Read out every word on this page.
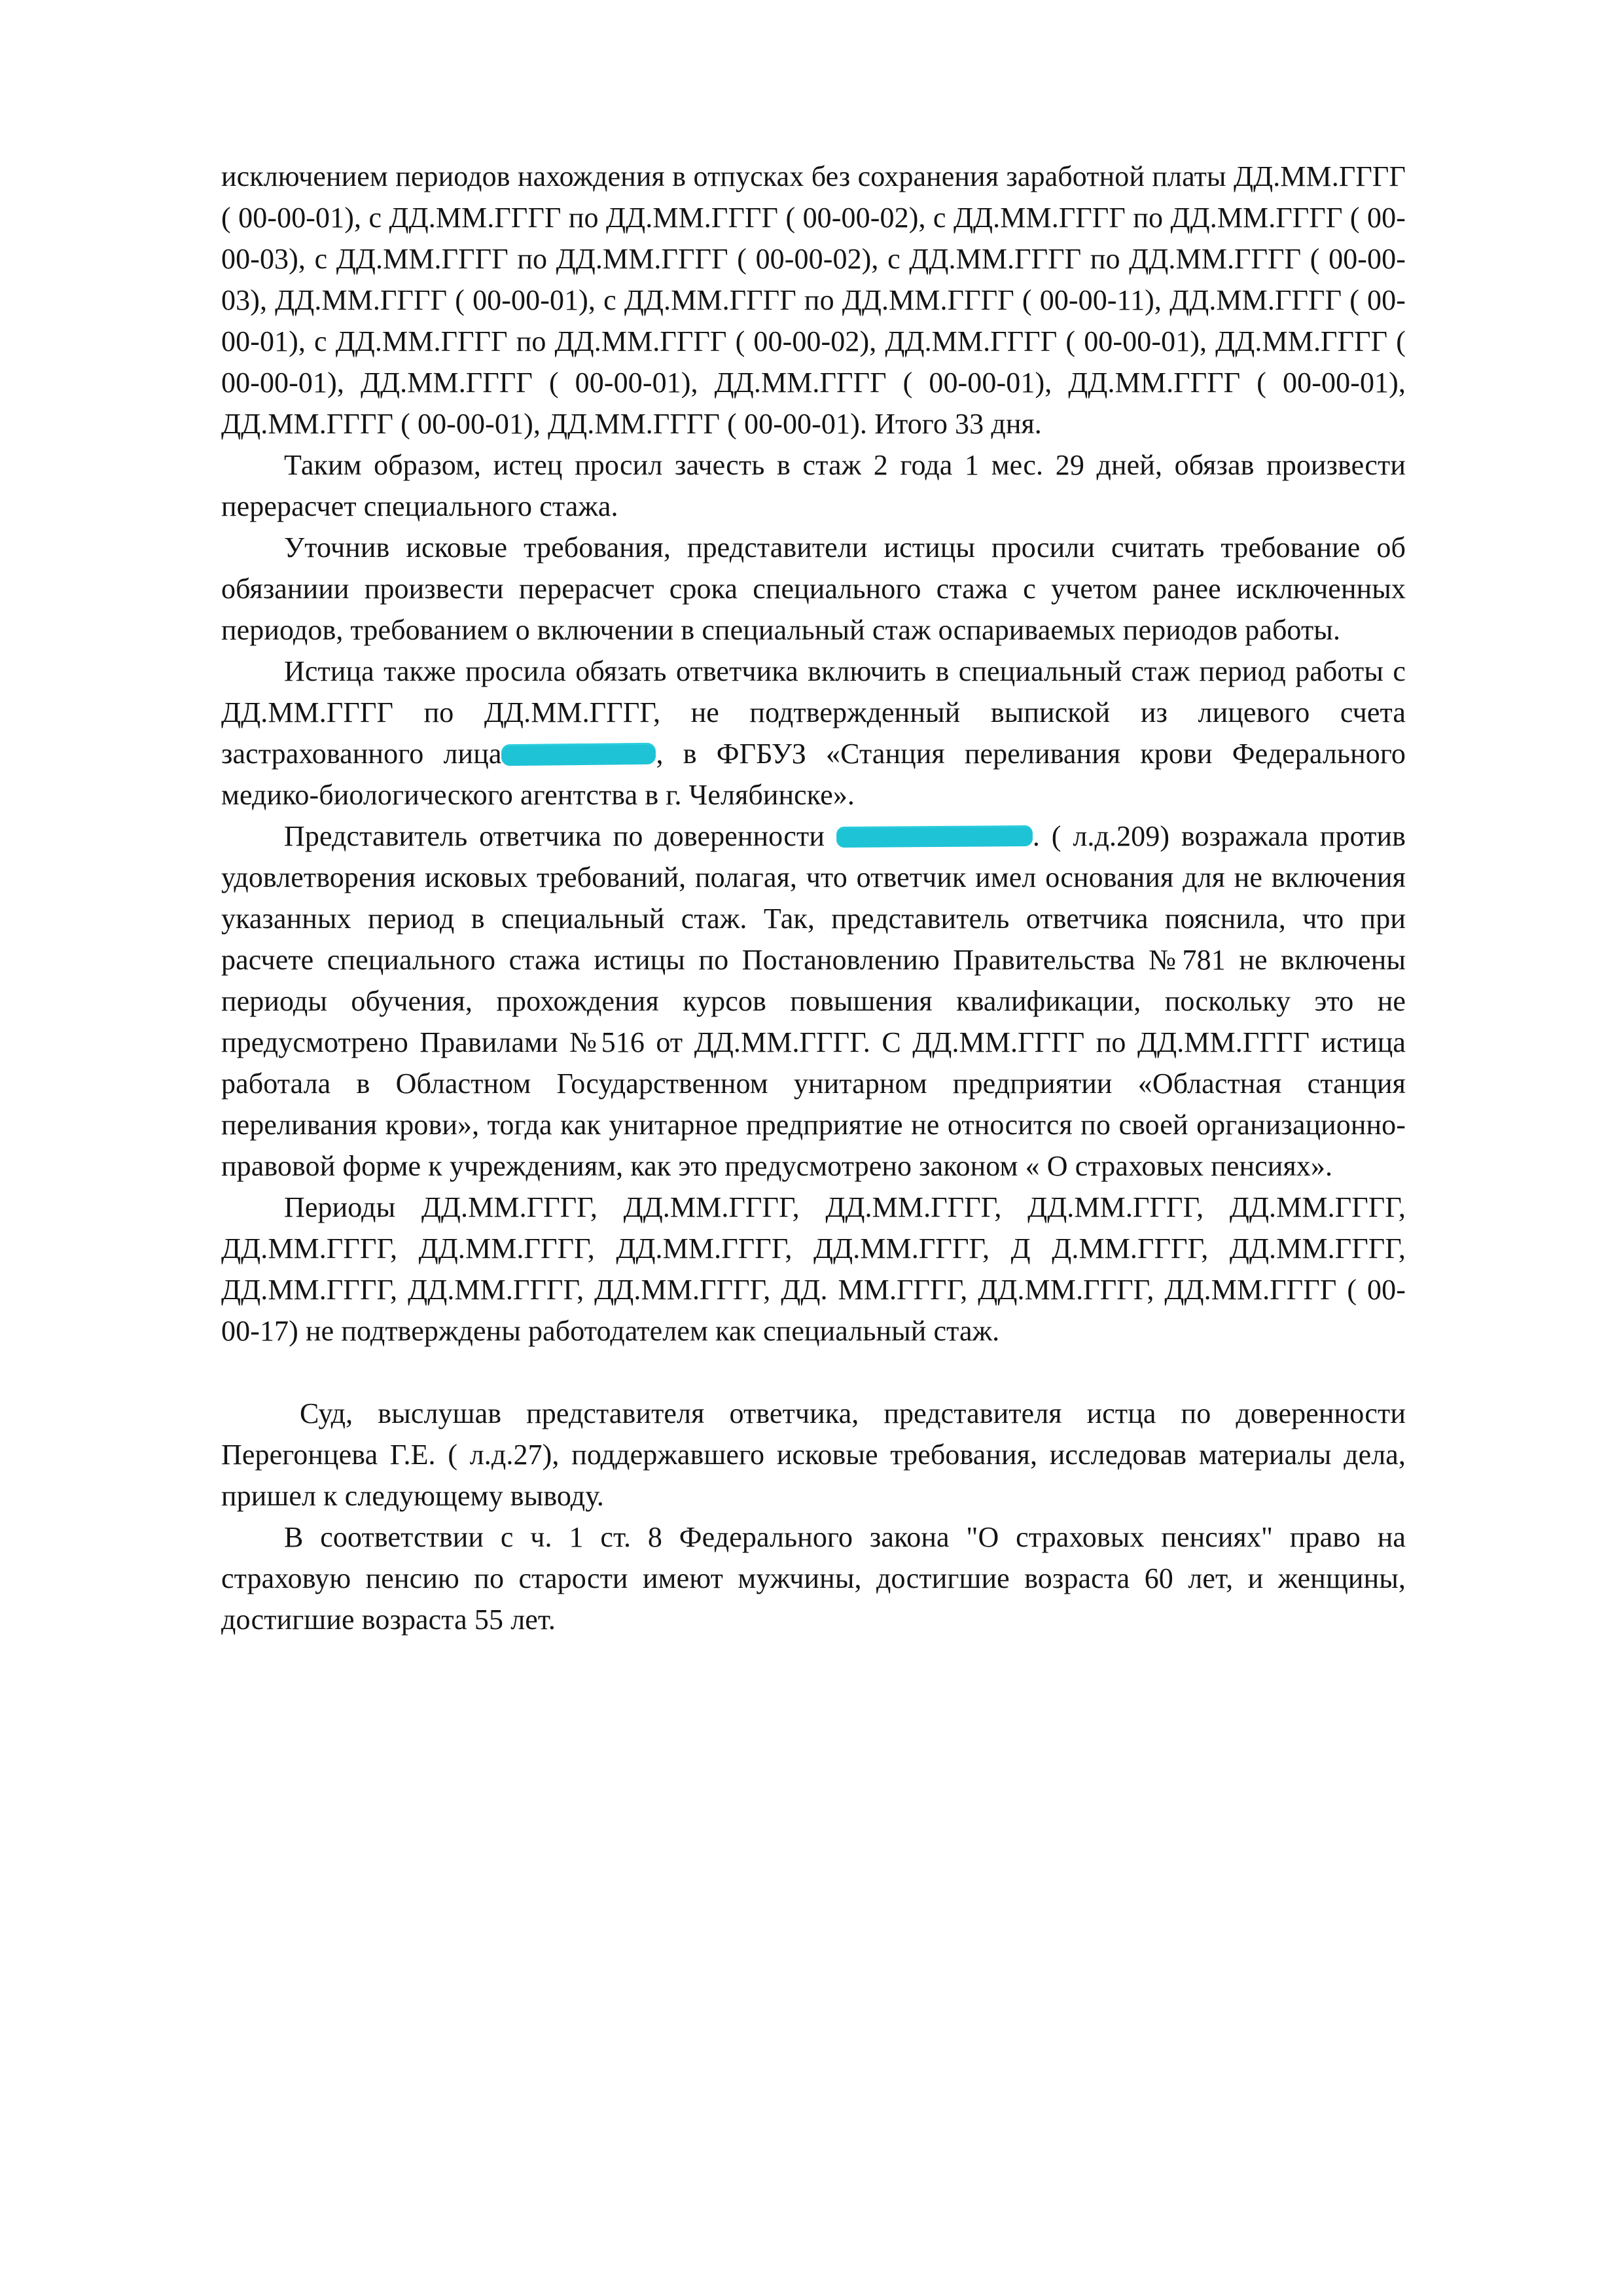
исключением периодов нахождения в отпусках без сохранения заработной платы ДД.ММ.ГГГГ ( 00-00-01), с ДД.ММ.ГГГГ по ДД.ММ.ГГГГ ( 00-00-02), с ДД.ММ.ГГГГ по ДД.ММ.ГГГГ ( 00-00-03), с ДД.ММ.ГГГГ по ДД.ММ.ГГГГ ( 00-00-02), с ДД.ММ.ГГГГ по ДД.ММ.ГГГГ ( 00-00-03), ДД.ММ.ГГГГ ( 00-00-01), с ДД.ММ.ГГГГ по ДД.ММ.ГГГГ ( 00-00-11), ДД.ММ.ГГГГ ( 00-00-01), с ДД.ММ.ГГГГ по ДД.ММ.ГГГГ ( 00-00-02), ДД.ММ.ГГГГ ( 00-00-01), ДД.ММ.ГГГГ ( 00-00-01), ДД.ММ.ГГГГ ( 00-00-01), ДД.ММ.ГГГГ ( 00-00-01), ДД.ММ.ГГГГ ( 00-00-01), ДД.ММ.ГГГГ ( 00-00-01), ДД.ММ.ГГГГ ( 00-00-01). Итого 33 дня.

Таким образом, истец просил зачесть в стаж 2 года 1 мес. 29 дней, обязав произвести перерасчет специального стажа.

Уточнив исковые требования, представители истицы просили считать требование об обязаниии произвести перерасчет срока специального стажа с учетом ранее исключенных периодов, требованием о включении в специальный стаж оспариваемых периодов работы.

Истица также просила обязать ответчика включить в специальный стаж период работы с ДД.ММ.ГГГГ по ДД.ММ.ГГГГ, не подтвержденный выпиской из лицевого счета застрахованного лица	, в ФГБУЗ «Станция переливания крови Федерального медико-биологического агентства в г. Челябинске».

Представитель ответчика по доверенности	. ( л.д.209) возражала против удовлетворения исковых требований, полагая, что ответчик имел основания для не включения указанных период в специальный стаж. Так, представитель ответчика пояснила, что при расчете специального стажа истицы по Постановлению Правительства №781 не включены периоды обучения, прохождения курсов повышения квалификации, поскольку это не предусмотрено Правилами №516 от ДД.ММ.ГГГГ. С ДД.ММ.ГГГГ по ДД.ММ.ГГГГ истица работала в Областном Государственном унитарном предприятии «Областная станция переливания крови», тогда как унитарное предприятие не относится по своей организационно- правовой форме к учреждениям, как это предусмотрено законом « О страховых пенсиях».

Периоды ДД.ММ.ГГГГ, ДД.ММ.ГГГГ, ДД.ММ.ГГГГ, ДД.ММ.ГГГГ, ДД.ММ.ГГГГ, ДД.ММ.ГГГГ, ДД.ММ.ГГГГ, ДД.ММ.ГГГГ, ДД.ММ.ГГГГ, Д Д.ММ.ГГГГ, ДД.ММ.ГГГГ, ДД.ММ.ГГГГ, ДД.ММ.ГГГГ, ДД.ММ.ГГГГ, ДД. ММ.ГГГГ, ДД.ММ.ГГГГ, ДД.ММ.ГГГГ ( 00-00-17) не подтверждены работодателем как специальный стаж.

Суд, выслушав представителя ответчика, представителя истца по доверенности Перегонцева Г.Е. ( л.д.27), поддержавшего исковые требования, исследовав материалы дела, пришел к следующему выводу.

В соответствии с ч. 1 ст. 8 Федерального закона "О страховых пенсиях" право на страховую пенсию по старости имеют мужчины, достигшие возраста 60 лет, и женщины, достигшие возраста 55 лет.
